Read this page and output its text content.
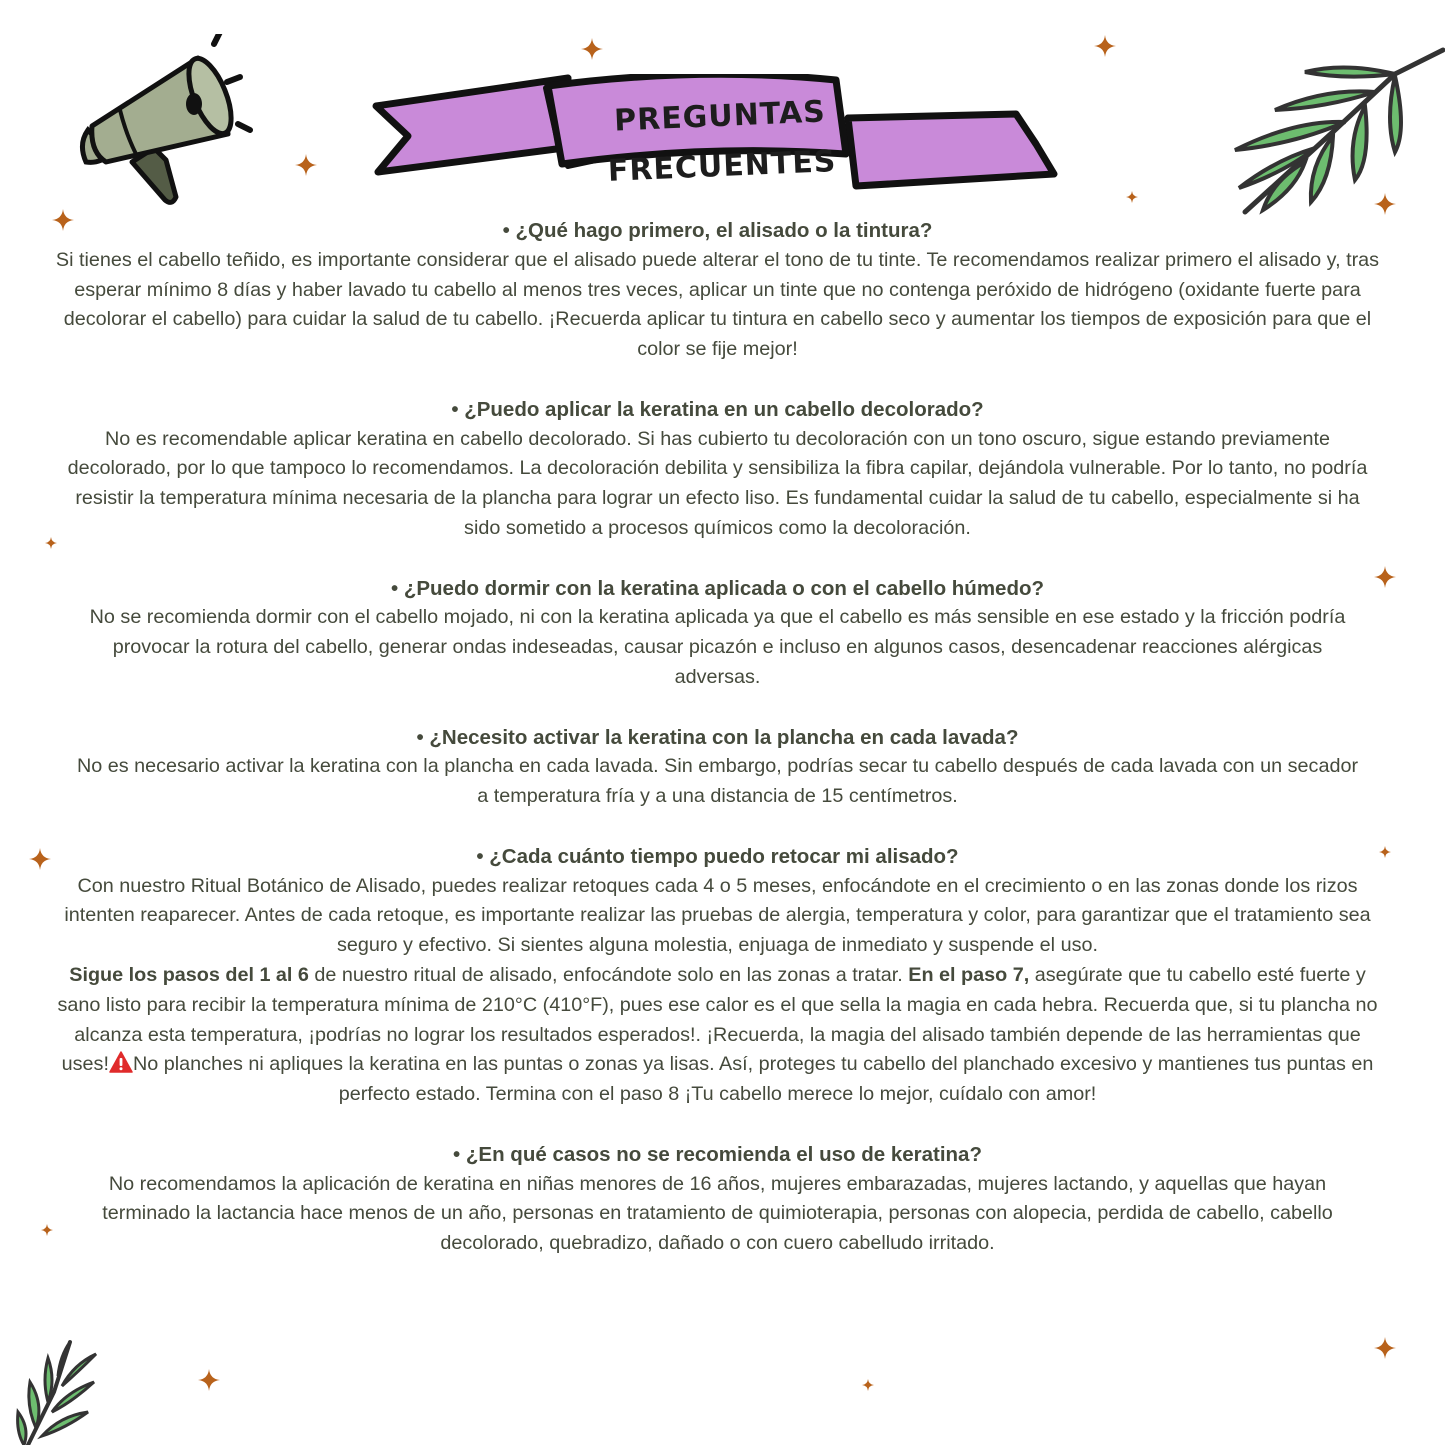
PREGUNTAS FRECUENTES
• ¿Qué hago primero, el alisado o la tintura?
Si tienes el cabello teñido, es importante considerar que el alisado puede alterar el tono de tu tinte. Te recomendamos realizar primero el alisado y, tras esperar mínimo 8 días y haber lavado tu cabello al menos tres veces, aplicar un tinte que no contenga peróxido de hidrógeno (oxidante fuerte para decolorar el cabello) para cuidar la salud de tu cabello. ¡Recuerda aplicar tu tintura en cabello seco y aumentar los tiempos de exposición para que el color se fije mejor!
• ¿Puedo aplicar la keratina en un cabello decolorado?
No es recomendable aplicar keratina en cabello decolorado. Si has cubierto tu decoloración con un tono oscuro, sigue estando previamente decolorado, por lo que tampoco lo recomendamos. La decoloración debilita y sensibiliza la fibra capilar, dejándola vulnerable. Por lo tanto, no podría resistir la temperatura mínima necesaria de la plancha para lograr un efecto liso. Es fundamental cuidar la salud de tu cabello, especialmente si ha sido sometido a procesos químicos como la decoloración.
• ¿Puedo dormir con la keratina aplicada o con el cabello húmedo?
No se recomienda dormir con el cabello mojado, ni con la keratina aplicada ya que el cabello es más sensible en ese estado y la fricción podría provocar la rotura del cabello, generar ondas indeseadas, causar picazón e incluso en algunos casos, desencadenar reacciones alérgicas adversas.
• ¿Necesito activar la keratina con la plancha en cada lavada?
No es necesario activar la keratina con la plancha en cada lavada. Sin embargo, podrías secar tu cabello después de cada lavada con un secador a temperatura fría y a una distancia de 15 centímetros.
• ¿Cada cuánto tiempo puedo retocar mi alisado?
Con nuestro Ritual Botánico de Alisado, puedes realizar retoques cada 4 o 5 meses, enfocándote en el crecimiento o en las zonas donde los rizos intenten reaparecer. Antes de cada retoque, es importante realizar las pruebas de alergia, temperatura y color, para garantizar que el tratamiento sea seguro y efectivo. Si sientes alguna molestia, enjuaga de inmediato y suspende el uso.
Sigue los pasos del 1 al 6 de nuestro ritual de alisado, enfocándote solo en las zonas a tratar. En el paso 7, asegúrate que tu cabello esté fuerte y sano listo para recibir la temperatura mínima de 210°C (410°F), pues ese calor es el que sella la magia en cada hebra. Recuerda que, si tu plancha no alcanza esta temperatura, ¡podrías no lograr los resultados esperados!. ¡Recuerda, la magia del alisado también depende de las herramientas que uses! No planches ni apliques la keratina en las puntas o zonas ya lisas. Así, proteges tu cabello del planchado excesivo y mantienes tus puntas en perfecto estado. Termina con el paso 8 ¡Tu cabello merece lo mejor, cuídalo con amor!
• ¿En qué casos no se recomienda el uso de keratina?
No recomendamos la aplicación de keratina en niñas menores de 16 años, mujeres embarazadas, mujeres lactando, y aquellas que hayan terminado la lactancia hace menos de un año, personas en tratamiento de quimioterapia, personas con alopecia, perdida de cabello, cabello decolorado, quebradizo, dañado o con cuero cabelludo irritado.
